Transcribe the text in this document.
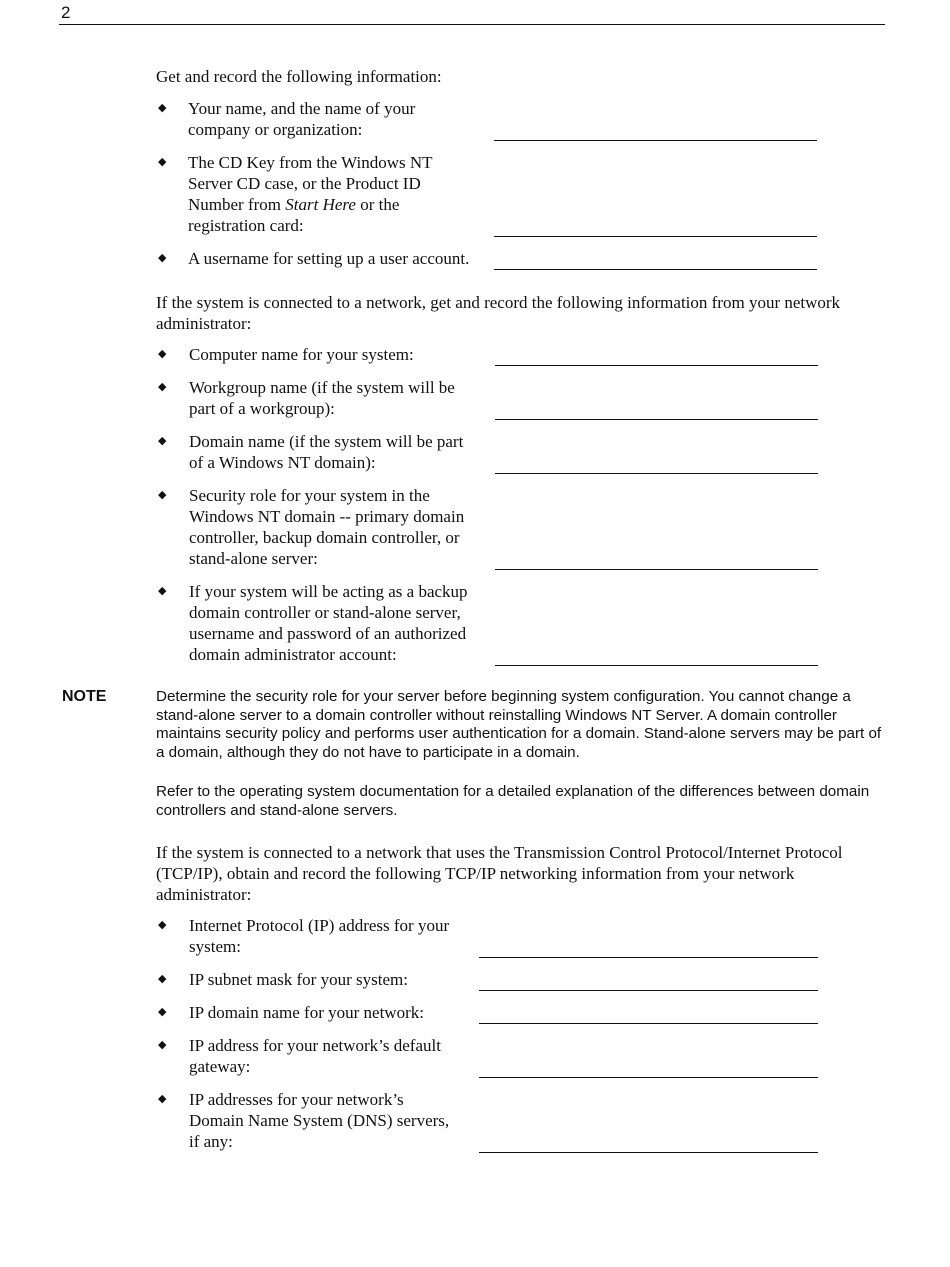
2
Get and record the following information:
◆ Your name, and the name of your
company or organization:
◆ The CD Key from the Windows NT
Server CD case, or the Product ID
Number from Start Here or the
registration card:
◆ A username for setting up a user account.
If the system is connected to a network, get and record the following information from your network administrator:
◆ Computer name for your system:
◆ Workgroup name (if the system will be
part of a workgroup):
◆ Domain name (if the system will be part
of a Windows NT domain):
◆ Security role for your system in the
Windows NT domain -- primary domain
controller, backup domain controller, or
stand-alone server:
◆ If your system will be acting as a backup
domain controller or stand-alone server,
username and password of an authorized
domain administrator account:
NOTE	Determine the security role for your server before beginning system configuration. You cannot change a stand-alone server to a domain controller without reinstalling Windows NT Server. A domain controller maintains security policy and performs user authentication for a domain. Stand-alone servers may be part of a domain, although they do not have to participate in a domain.
Refer to the operating system documentation for a detailed explanation of the differences between domain controllers and stand-alone servers.
If the system is connected to a network that uses the Transmission Control Protocol/Internet Protocol (TCP/IP), obtain and record the following TCP/IP networking information from your network administrator:
◆ Internet Protocol (IP) address for your
system:
◆ IP subnet mask for your system:
◆ IP domain name for your network:
◆ IP address for your network’s default
gateway:
◆ IP addresses for your network’s
Domain Name System (DNS) servers,
if any:
